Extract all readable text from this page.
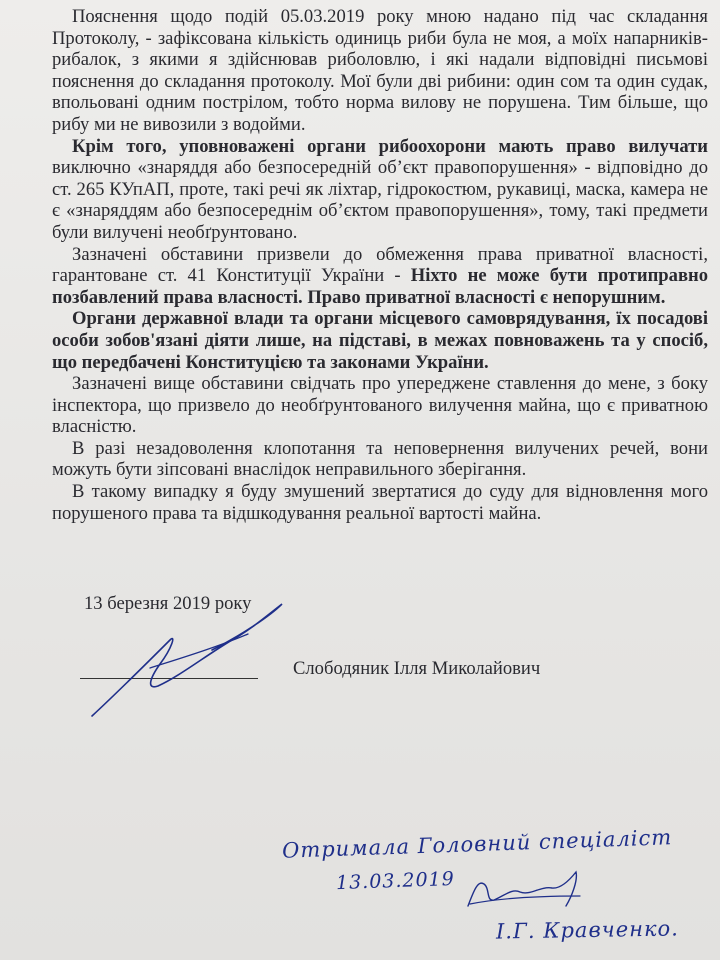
Пояснення щодо подій 05.03.2019 року мною надано під час складання Протоколу, - зафіксована кількість одиниць риби була не моя, а моїх напарників-рибалок, з якими я здійснював риболовлю, і які надали відповідні письмові пояснення до складання протоколу. Мої були дві рибини: один сом та один судак, впольовані одним пострілом, тобто норма вилову не порушена. Тим більше, що рибу ми не вивозили з водойми.

Крім того, уповноважені органи рибоохорони мають право вилучати виключно «знаряддя або безпосередній об’єкт правопорушення» - відповідно до ст. 265 КУпАП, проте, такі речі як ліхтар, гідрокостюм, рукавиці, маска, камера не є «знаряддям або безпосереднім об’єктом правопорушення», тому, такі предмети були вилучені необґрунтовано.

Зазначені обставини призвели до обмеження права приватної власності, гарантоване ст. 41 Конституції України - Ніхто не може бути протиправно позбавлений права власності. Право приватної власності є непорушним.

Органи державної влади та органи місцевого самоврядування, їх посадові особи зобов'язані діяти лише, на підставі, в межах повноважень та у спосіб, що передбачені Конституцією та законами України.

Зазначені вище обставини свідчать про упереджене ставлення до мене, з боку інспектора, що призвело до необґрунтованого вилучення майна, що є приватною власністю.

В разі незадоволення клопотання та неповернення вилучених речей, вони можуть бути зіпсовані внаслідок неправильного зберігання.

В такому випадку я буду змушений звертатися до суду для відновлення мого порушеного права та відшкодування реальної вартості майна.

13 березня 2019 року
Слободяник Ілля Миколайович
Отримала Головний спеціаліст
13.03.2019
І.Г. Кравченко.
